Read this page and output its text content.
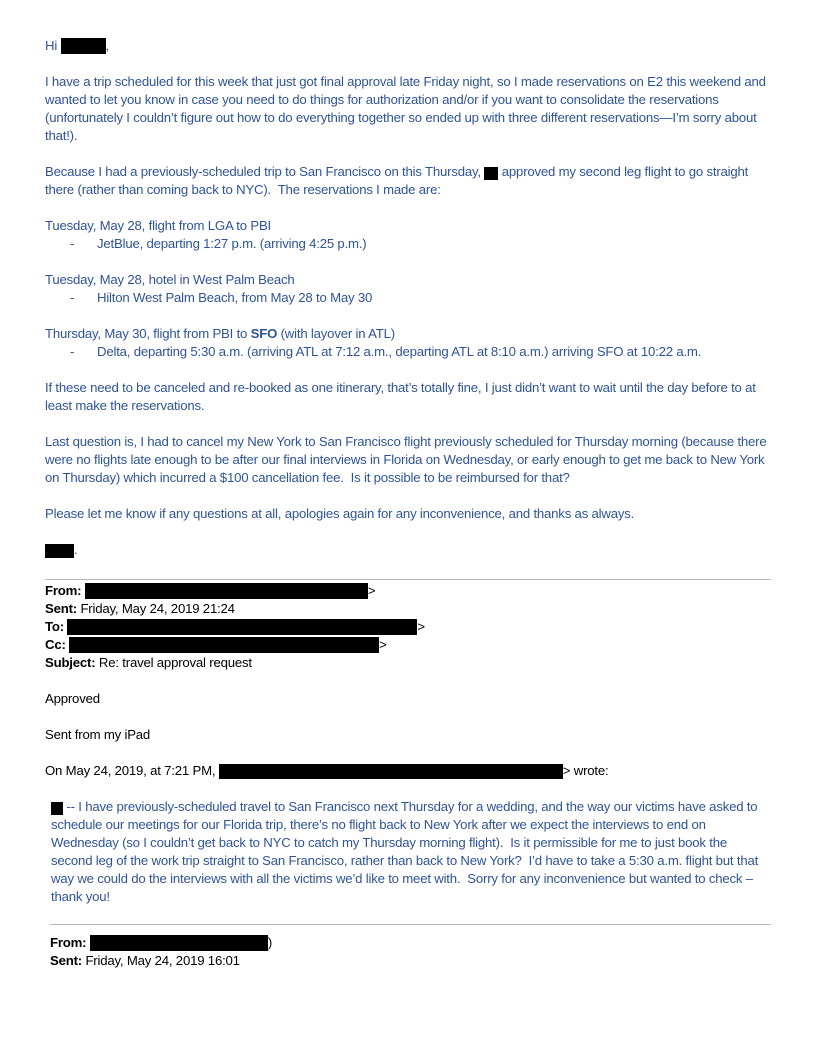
Hi	,
I have a trip scheduled for this week that just got final approval late Friday night, so I made reservations on E2 this weekend and wanted to let you know in case you need to do things for authorization and/or if you want to consolidate the reservations (unfortunately I couldn’t figure out how to do everything together so ended up with three different reservations—I’m sorry about that!).
Because I had a previously-scheduled trip to San Francisco on this Thursday,  approved my second leg flight to go straight there (rather than coming back to NYC).  The reservations I made are:
Tuesday, May 28, flight from LGA to PBI
- JetBlue, departing 1:27 p.m. (arriving 4:25 p.m.)
Tuesday, May 28, hotel in West Palm Beach
- Hilton West Palm Beach, from May 28 to May 30
Thursday, May 30, flight from PBI to SFO (with layover in ATL)
- Delta, departing 5:30 a.m. (arriving ATL at 7:12 a.m., departing ATL at 8:10 a.m.) arriving SFO at 10:22 a.m.
If these need to be canceled and re-booked as one itinerary, that’s totally fine, I just didn’t want to wait until the day before to at least make the reservations.
Last question is, I had to cancel my New York to San Francisco flight previously scheduled for Thursday morning (because there were no flights late enough to be after our final interviews in Florida on Wednesday, or early enough to get me back to New York on Thursday) which incurred a $100 cancellation fee.  Is it possible to be reimbursed for that?
Please let me know if any questions at all, apologies again for any inconvenience, and thanks as always.
.
From:	>
Sent: Friday, May 24, 2019 21:24
To:	>
Cc:	>
Subject: Re: travel approval request
Approved
Sent from my iPad
On May 24, 2019, at 7:21 PM,	> wrote:
-- I have previously-scheduled travel to San Francisco next Thursday for a wedding, and the way our victims have asked to schedule our meetings for our Florida trip, there’s no flight back to New York after we expect the interviews to end on Wednesday (so I couldn’t get back to NYC to catch my Thursday morning flight).  Is it permissible for me to just book the second leg of the work trip straight to San Francisco, rather than back to New York?  I’d have to take a 5:30 a.m. flight but that way we could do the interviews with all the victims we’d like to meet with.  Sorry for any inconvenience but wanted to check – thank you!
From:	)
Sent: Friday, May 24, 2019 16:01
